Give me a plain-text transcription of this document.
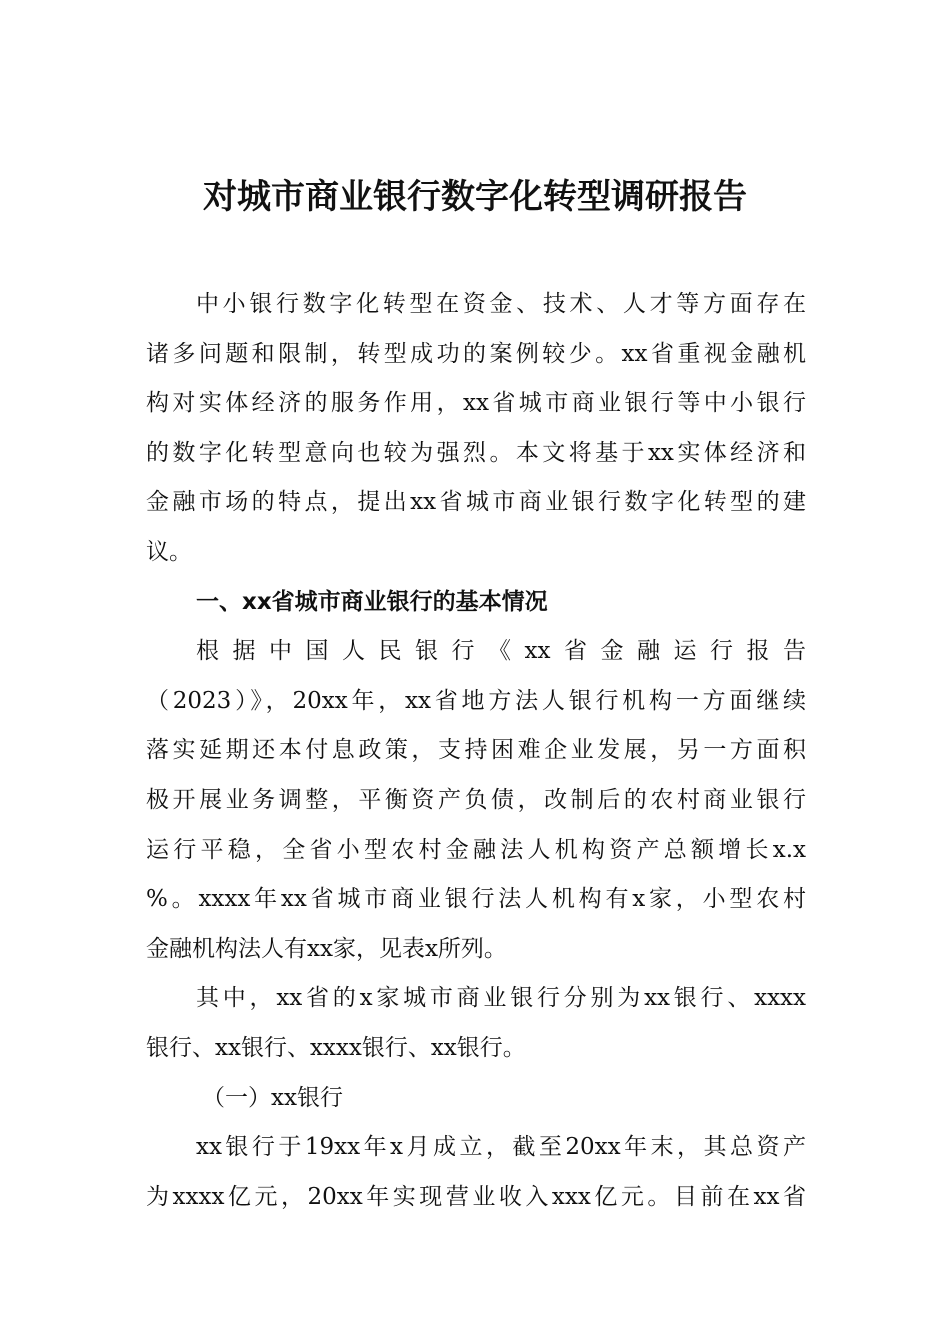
对城市商业银行数字化转型调研报告
中小银行数字化转型在资金、技术、人才等方面存在
诸多问题和限制，转型成功的案例较少。xx省重视金融机
构对实体经济的服务作用，xx省城市商业银行等中小银行
的数字化转型意向也较为强烈。本文将基于xx实体经济和
金融市场的特点，提出xx省城市商业银行数字化转型的建
议。
一、xx省城市商业银行的基本情况
根据中国人民银行《xx省金融运行报告
（2023）》，20xx年，xx省地方法人银行机构一方面继续
落实延期还本付息政策，支持困难企业发展，另一方面积
极开展业务调整，平衡资产负债，改制后的农村商业银行
运行平稳，全省小型农村金融法人机构资产总额增长x.x
%。xxxx年xx省城市商业银行法人机构有x家，小型农村
金融机构法人有xx家，见表x所列。
其中，xx省的x家城市商业银行分别为xx银行、xxxx
银行、xx银行、xxxx银行、xx银行。
（一）xx银行
xx银行于19xx年x月成立，截至20xx年末，其总资产
为xxxx亿元，20xx年实现营业收入xxx亿元。目前在xx省
